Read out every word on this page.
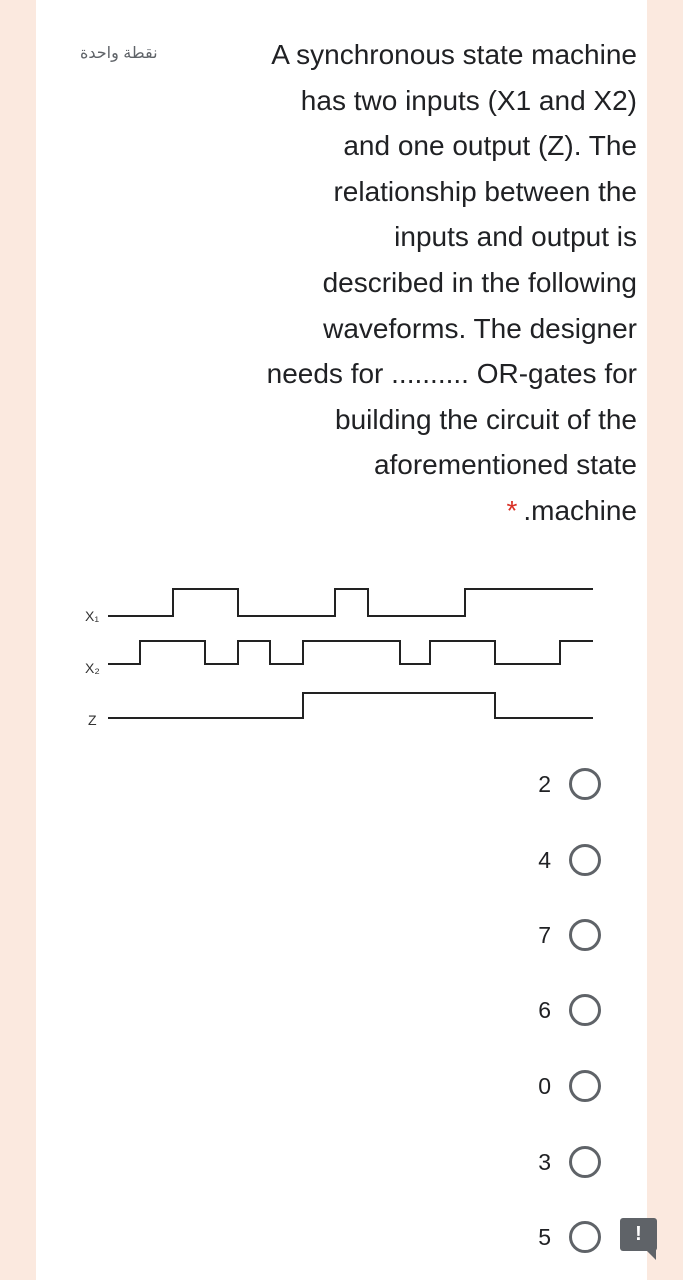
نقطة واحدة	A synchronous state machine
has two inputs (X1 and X2)
and one output (Z). The
relationship between the
inputs and output is
described in the following
waveforms. The designer
needs for .......... OR-gates for
building the circuit of the
aforementioned state
* .machine
X₁
X₂
Z
2
4
7
6
0
3
5	!
